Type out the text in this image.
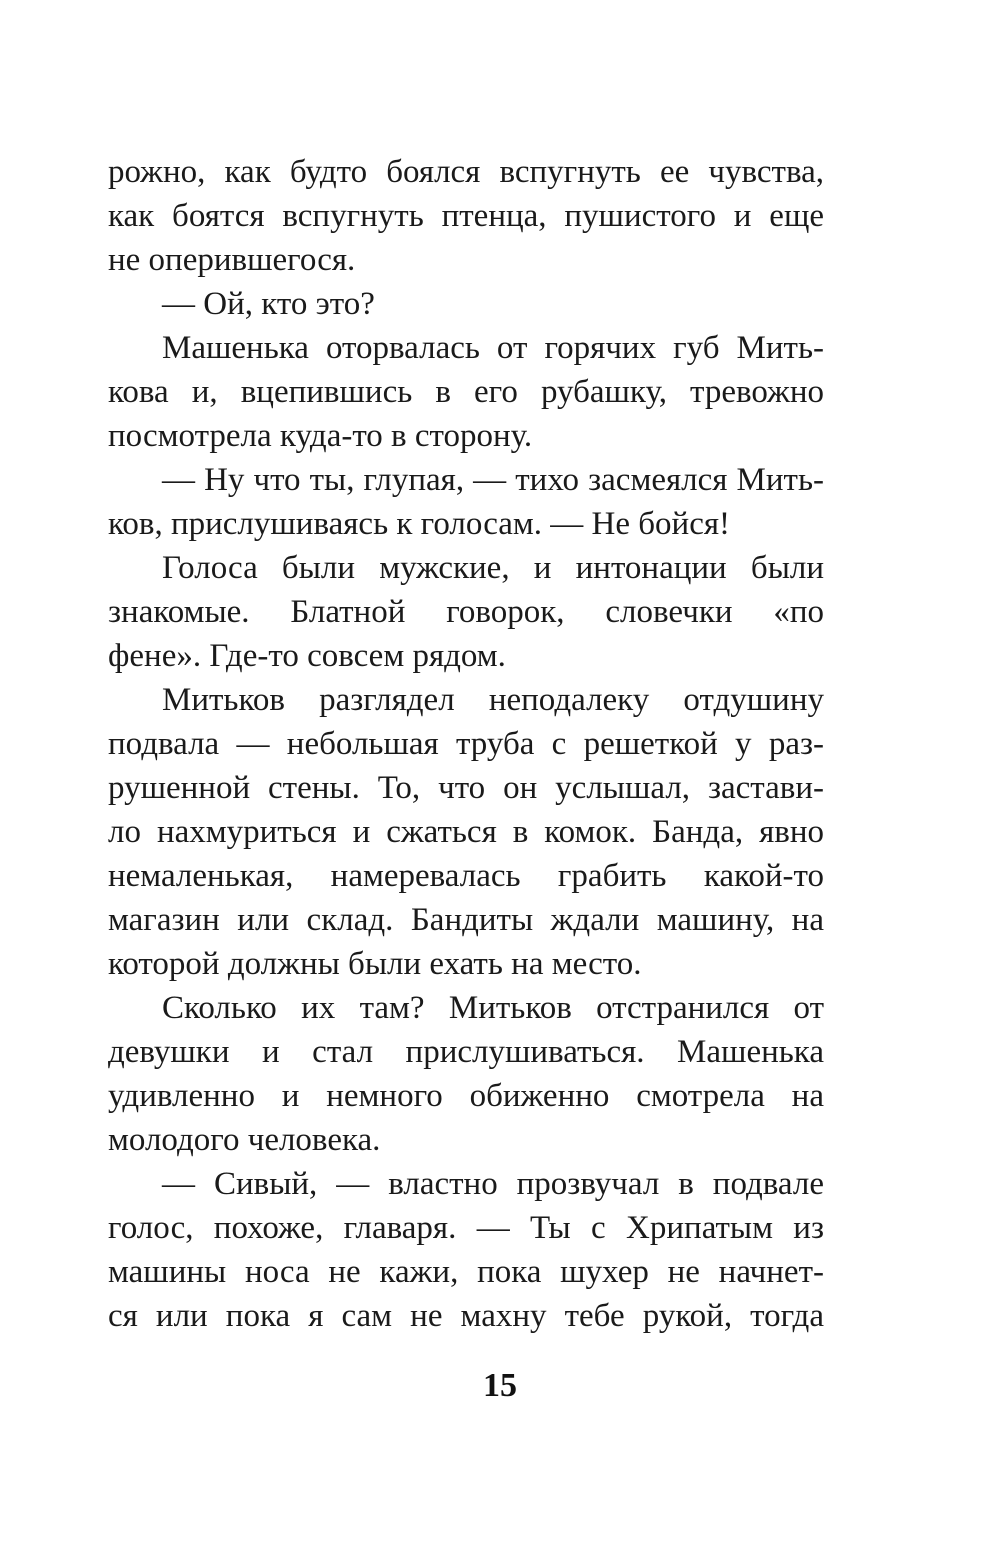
рожно, как будто боялся вспугнуть ее чувства,
как боятся вспугнуть птенца, пушистого и еще
не оперившегося.
— Ой, кто это?
Машенька оторвалась от горячих губ Мить-
кова и, вцепившись в его рубашку, тревожно
посмотрела куда-то в сторону.
— Ну что ты, глупая, — тихо засмеялся Мить-
ков, прислушиваясь к голосам. — Не бойся!
Голоса были мужские, и интонации были
знакомые. Блатной говорок, словечки «по
фене». Где-то совсем рядом.
Митьков разглядел неподалеку отдушину
подвала — небольшая труба с решеткой у раз-
рушенной стены. То, что он услышал, застави-
ло нахмуриться и сжаться в комок. Банда, явно
немаленькая, намеревалась грабить какой-то
магазин или склад. Бандиты ждали машину, на
которой должны были ехать на место.
Сколько их там? Митьков отстранился от
девушки и стал прислушиваться. Машенька
удивленно и немного обиженно смотрела на
молодого человека.
— Сивый, — властно прозвучал в подвале
голос, похоже, главаря. — Ты с Хрипатым из
машины носа не кажи, пока шухер не начнет-
ся или пока я сам не махну тебе рукой, тогда
15
